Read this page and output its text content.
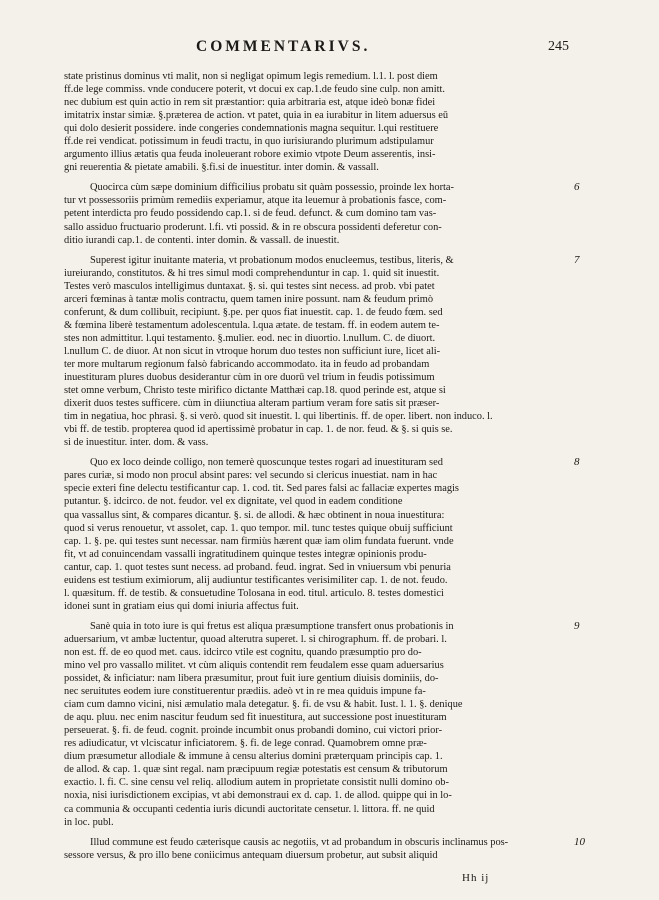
COMMENTARIVS.	245
state pristinus dominus vti malit, non si negligat opimum legis remedium. l.1. l. post diem
ff.de lege commiss. vnde conducere poterit, vt docui ex cap.1.de feudo sine culp. non amitt.
nec dubium est quin actio in rem sit præstantior: quia arbitraria est, atque ideò bonæ fidei
imitatrix instar simiæ. §.præterea de action. vt patet, quia in ea iurabitur in litem aduersus eū
qui dolo desierit possidere. inde congeries condemnationis magna sequitur. l.qui restituere
ff.de rei vendicat. potissimum in feudi tractu, in quo iurisiurando plurimum adstipulamur
argumento illius ætatis qua feuda inoleuerant robore eximio vtpote Deum asserentis, insi-
gni reuerentia & pietate amabili. §.fi.si de inuestitur. inter domin. & vassall.
Quocirca cùm sæpe dominium difficilius probatu sit quàm possessio, proinde lex horta-
tur vt possessoriis primùm remediis experiamur, atque ita leuemur à probationis fasce, com-
petent interdicta pro feudo possidendo cap.1. si de feud. defunct. & cum domino tam vas-
sallo assiduo fructuario proderunt. l.fi. vti possid. & in re obscura possidenti deferetur con-
ditio iurandi cap.1. de contenti. inter domin. & vassall. de inuestit.
Superest igitur inuitante materia, vt probationum modos enucleemus, testibus, literis, &
iureiurando, constitutos. & hi tres simul modi comprehenduntur in cap. 1. quid sit inuestit.
Testes verò masculos intelligimus duntaxat. §. si. qui testes sint necess. ad prob. vbi patet
arceri fœminas à tantæ molis contractu, quem tamen inire possunt. nam & feudum primò
conferunt, & dum collibuit, recipiunt. §.pe. per quos fiat inuestit. cap. 1. de feudo fœm. sed
& fœmina liberè testamentum adolescentula. l.qua ætate. de testam. ff. in eodem autem te-
stes non admittitur. l.qui testamento. §.mulier. eod. nec in diuortio. l.nullum. C. de diuort.
l.nullum C. de diuor. At non sicut in vtroque horum duo testes non sufficiunt iure, licet ali-
ter more multarum regionum falsò fabricando accommodato. ita in feudo ad probandam
inuestituram plures duobus desiderantur cùm in ore duorū vel trium in feudis potissimum
stet omne verbum, Christo teste mirifico dictante Matthæi cap.18. quod perinde est, atque si
dixerit duos testes sufficere. cùm in diiunctiua alteram partium veram fore satis sit præser-
tim in negatiua, hoc phrasi. §. si verò. quod sit inuestit. l. qui libertinis. ff. de oper. libert. non induco. l.
vbi ff. de testib. propterea quod id apertissimè probatur in cap. 1. de nor. feud. & §. si quis se.
si de inuestitur. inter. dom. & vass.
Quo ex loco deinde colligo, non temerè quoscunque testes rogari ad inuestituram sed
pares curiæ, si modo non procul absint pares: vel secundo si clericus inuestiat. nam in hac
specie exteri fine delectu testificantur cap. 1. cod. tit. Sed pares falsi ac fallaciæ expertes magis
putantur. §. idcirco. de not. feudor. vel ex dignitate, vel quod in eadem conditione
qua vassallus sint, & compares dicantur. §. si. de allodi. & hæc obtinent in noua inuestitura:
quod si verus renouetur, vt assolet, cap. 1. quo tempor. mil. tunc testes quique obuij sufficiunt
cap. 1. §. pe. qui testes sunt necessar. nam firmiùs hærent quæ iam olim fundata fuerunt. vnde
fit, vt ad conuincendam vassalli ingratitudinem quinque testes integræ opinionis produ-
cantur, cap. 1. quot testes sunt necess. ad proband. feud. ingrat. Sed in vniuersum vbi penuria
euidens est testium eximiorum, alij audiuntur testificantes verisimiliter cap. 1. de not. feudo.
l. quæsitum. ff. de testib. & consuetudine Tolosana in eod. titul. articulo. 8. testes domestici
idonei sunt in gratiam eius qui domi iniuria affectus fuit.
Sanè quia in toto iure is qui fretus est aliqua præsumptione transfert onus probationis in
aduersarium, vt ambæ luctentur, quoad alterutra superet. l. si chirographum. ff. de probari. l.
non est. ff. de eo quod met. caus. idcirco vtile est cognitu, quando præsumptio pro do-
mino vel pro vassallo militet. vt cùm aliquis contendit rem feudalem esse quam aduersarius
possidet, & inficiatur: nam libera præsumitur, prout fuit iure gentium diuisis dominiis, do-
nec seruitutes eodem iure constituerentur prædiis. adeò vt in re mea quiduis impune fa-
ciam cum damno vicini, nisi æmulatio mala detegatur. §. fi. de vsu & habit. Iust. l. 1. §. denique
de aqu. pluu. nec enim nascitur feudum sed fit inuestitura, aut successione post inuestituram
perseuerat. §. fi. de feud. cognit. proinde incumbit onus probandi domino, cui victori prior-
res adiudicatur, vt vlciscatur inficiatorem. §. fi. de lege conrad. Quamobrem omne præ-
dium præsumetur allodiale & immune à censu alterius domini præterquam principis cap. 1.
de allod. & cap. 1. quæ sint regal. nam præcipuum regiæ potestatis est censum & tributorum
exactio. l. fi. C. sine censu vel reliq. allodium autem in proprietate consistit nulli domino ob-
noxia, nisi iurisdictionem excipias, vt abi demonstraui ex d. cap. 1. de allod. quippe qui in lo-
ca communia & occupanti cedentia iuris dicundi auctoritate censetur. l. littora. ff. ne quid
in loc. publ.
Illud commune est feudo cæterisque causis ac negotiis, vt ad probandum in obscuris inclinamus pos-
sessore versus, & pro illo bene coniicimus antequam diuersum probetur, aut subsit aliquid
6
7
8
9
10
Hh ij
